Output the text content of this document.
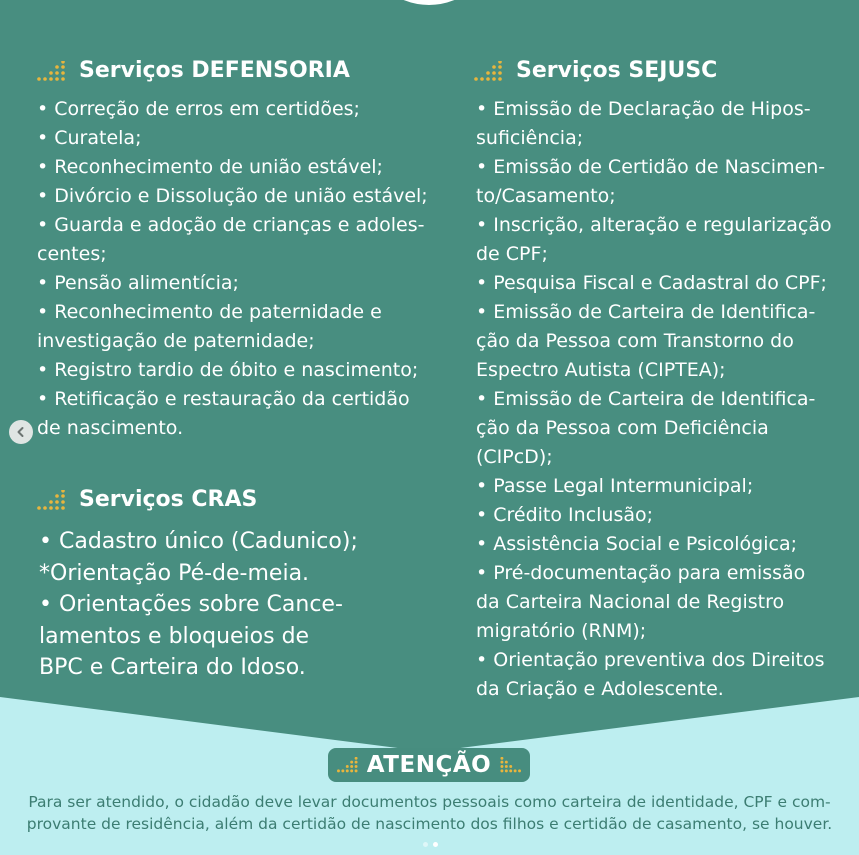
Serviços DEFENSORIA
• Correção de erros em certidões;
• Curatela;
• Reconhecimento de união estável;
• Divórcio e Dissolução de união estável;
• Guarda e adoção de crianças e adoles-
centes;
• Pensão alimentícia;
• Reconhecimento de paternidade e
investigação de paternidade;
• Registro tardio de óbito e nascimento;
• Retificação e restauração da certidão
de nascimento.
Serviços CRAS
• Cadastro único (Cadunico);
*Orientação Pé-de-meia.
• Orientações sobre Cance-
lamentos e bloqueios de
BPC e Carteira do Idoso.
Serviços SEJUSC
• Emissão de Declaração de Hipos-
suficiência;
• Emissão de Certidão de Nascimen-
to/Casamento;
• Inscrição, alteração e regularização
de CPF;
• Pesquisa Fiscal e Cadastral do CPF;
• Emissão de Carteira de Identifica-
ção da Pessoa com Transtorno do
Espectro Autista (CIPTEA);
• Emissão de Carteira de Identifica-
ção da Pessoa com Deficiência
(CIPcD);
• Passe Legal Intermunicipal;
• Crédito Inclusão;
• Assistência Social e Psicológica;
• Pré-documentação para emissão
da Carteira Nacional de Registro
migratório (RNM);
• Orientação preventiva dos Direitos
da Criação e Adolescente.
ATENÇÃO
Para ser atendido, o cidadão deve levar documentos pessoais como carteira de identidade, CPF e com-
provante de residência, além da certidão de nascimento dos filhos e certidão de casamento, se houver.
